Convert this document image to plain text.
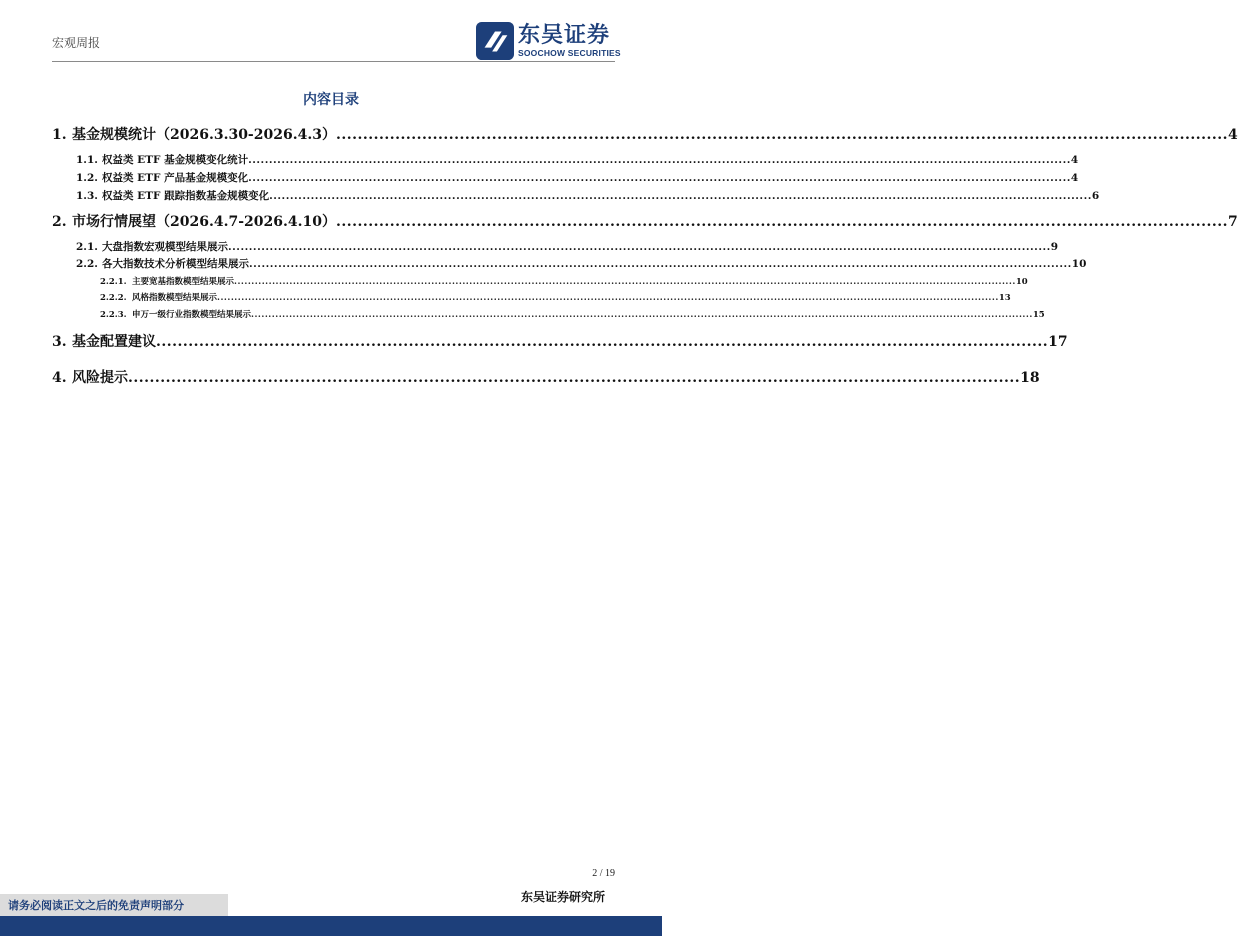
宏观周报	东吴证券
SOOCHOW SECURITIES
内容目录
1. 基金规模统计（2026.3.30-2026.4.3） ...................................................................................................................................................................... 4
1.1. 权益类 ETF 基金规模变化统计 ...................................................................................................................................................................................................... 4
1.2. 权益类 ETF 产品基金规模变化 ...................................................................................................................................................................................................... 4
1.3. 权益类 ETF 跟踪指数基金规模变化 ...................................................................................................................................................................................................... 6
2. 市场行情展望（2026.4.7-2026.4.10） ...................................................................................................................................................................... 7
2.1. 大盘指数宏观模型结果展示 ...................................................................................................................................................................................................... 9
2.2. 各大指数技术分析模型结果展示 ...................................................................................................................................................................................................... 10
2.2.1. 主要宽基指数模型结果展示 .................................................................................................................................................................................................................................. 10
2.2.2. 风格指数模型结果展示 .................................................................................................................................................................................................................................. 13
2.2.3. 申万一级行业指数模型结果展示 .................................................................................................................................................................................................................................. 15
3. 基金配置建议 ...................................................................................................................................................................... 17
4. 风险提示 ...................................................................................................................................................................... 18
2 / 19
请务必阅读正文之后的免责声明部分
东吴证券研究所
